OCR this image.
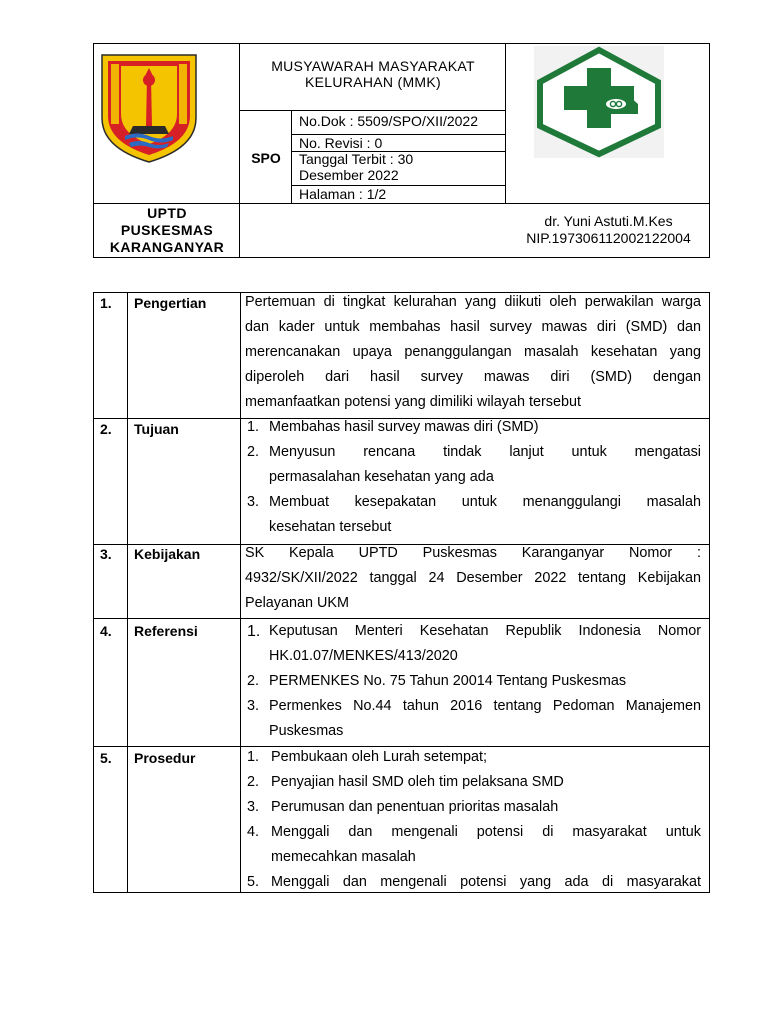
MUSYAWARAH MASYARAKAT
KELURAHAN (MMK)
SPO
No.Dok : 5509/SPO/XII/2022
No. Revisi : 0
Tanggal Terbit : 30
Desember 2022
Halaman : 1/2
UPTD
PUSKESMAS
KARANGANYAR
dr. Yuni Astuti.M.Kes
NIP.197306112002122004
1. Pengertian	Pertemuan di tingkat kelurahan yang diikuti oleh perwakilan warga

dan kader untuk membahas hasil survey mawas diri (SMD) dan

merencanakan upaya penanggulangan masalah kesehatan yang

diperoleh dari hasil survey mawas diri (SMD) dengan

memanfaatkan potensi yang dimiliki wilayah tersebut

2. Tujuan	1. Membahas hasil survey mawas diri (SMD)

2. Menyusun rencana tindak lanjut untuk mengatasi

permasalahan kesehatan yang ada

3. Membuat kesepakatan untuk menanggulangi masalah

kesehatan tersebut

3. Kebijakan	SK Kepala UPTD Puskesmas Karanganyar Nomor :

4932/SK/XII/2022 tanggal 24 Desember 2022 tentang Kebijakan

Pelayanan UKM

4. Referensi	1. Keputusan Menteri Kesehatan Republik Indonesia Nomor

HK.01.07/MENKES/413/2020

2. PERMENKES No. 75 Tahun 20014 Tentang Puskesmas

3. Permenkes No.44 tahun 2016 tentang Pedoman Manajemen

Puskesmas

5. Prosedur	1. Pembukaan oleh Lurah setempat;

2. Penyajian hasil SMD oleh tim pelaksana SMD

3. Perumusan dan penentuan prioritas masalah

4. Menggali dan mengenali potensi di masyarakat untuk

memecahkan masalah

5. Menggali dan mengenali potensi yang ada di masyarakat
